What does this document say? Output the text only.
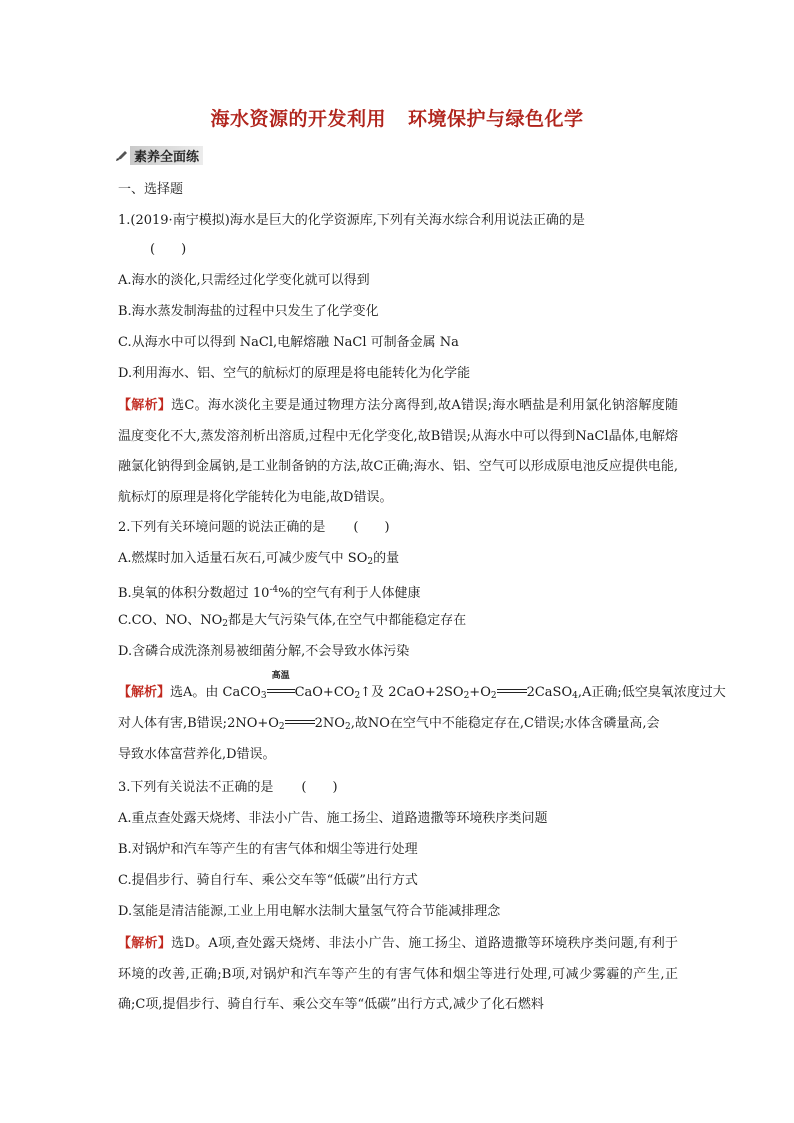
海水资源的开发利用 环境保护与绿色化学
素养全面练
一、选择题
1.(2019·南宁模拟)海水是巨大的化学资源库,下列有关海水综合利用说法正确的是
(　　)
A.海水的淡化,只需经过化学变化就可以得到
B.海水蒸发制海盐的过程中只发生了化学变化
C.从海水中可以得到 NaCl,电解熔融 NaCl 可制备金属 Na
D.利用海水、铝、空气的航标灯的原理是将电能转化为化学能
【解析】选C。海水淡化主要是通过物理方法分离得到,故A错误;海水晒盐是利用氯化钠溶解度随温度变化不大,蒸发溶剂析出溶质,过程中无化学变化,故B错误;从海水中可以得到NaCl晶体,电解熔融氯化钠得到金属钠,是工业制备钠的方法,故C正确;海水、铝、空气可以形成原电池反应提供电能,航标灯的原理是将化学能转化为电能,故D错误。
2.下列有关环境问题的说法正确的是 (　　)
A.燃煤时加入适量石灰石,可减少废气中 $SO_2$的量
B.臭氧的体积分数超过 $10^{-4}\%$的空气有利于人体健康
C.CO、NO、$NO_2$都是大气污染气体,在空气中都能稳定存在
D.含磷合成洗涤剂易被细菌分解,不会导致水体污染
【解析】选A。由 CaCO$_3$
高温
$CaO+CO_2↑$及 $2CaO+2SO_2+O_2$ 2CaSO$_4$,A正确;低空臭氧浓度过大
对人体有害,B错误$;2NO+O_2$ $2NO_2$,故NO在空气中不能稳定存在,C错误;水体含磷量高,会
导致水体富营养化,D错误。
3.下列有关说法不正确的是 (　　)
A.重点查处露天烧烤、非法小广告、施工扬尘、道路遗撒等环境秩序类问题
B.对锅炉和汽车等产生的有害气体和烟尘等进行处理
C.提倡步行、骑自行车、乘公交车等“低碳”出行方式
D.氢能是清洁能源,工业上用电解水法制大量氢气符合节能减排理念
【解析】选D。A项,查处露天烧烤、非法小广告、施工扬尘、道路遗撒等环境秩序类问题,有利于环境的改善,正确;B项,对锅炉和汽车等产生的有害气体和烟尘等进行处理,可减少雾霾的产生,正确;C项,提倡步行、骑自行车、乘公交车等“低碳”出行方式,减少了化石燃料
